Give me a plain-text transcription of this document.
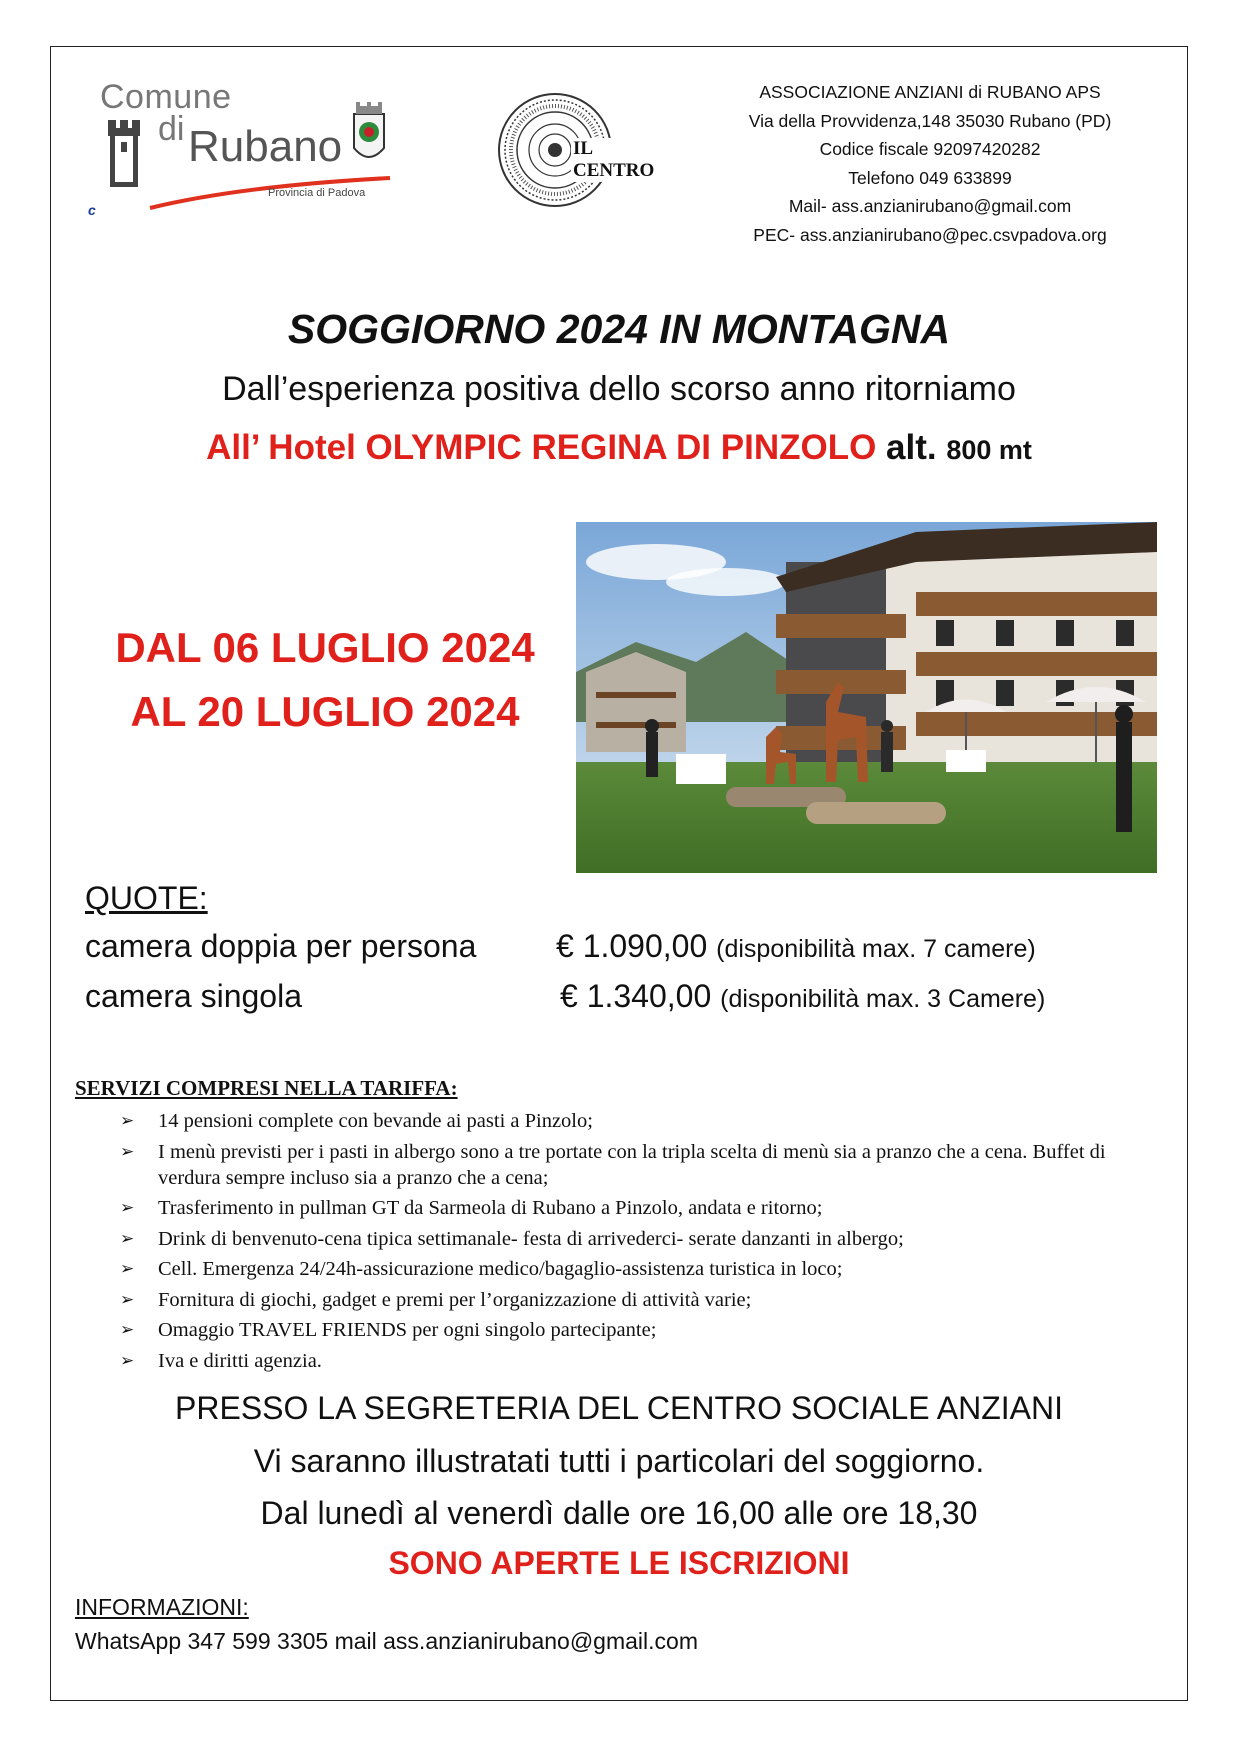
Comune
di Rubano
Provincia di Padova
c
IL CENTRO
ASSOCIAZIONE ANZIANI di RUBANO APS
Via della Provvidenza,148 35030 Rubano (PD)
Codice fiscale 92097420282
Telefono 049 633899
Mail- ass.anzianirubano@gmail.com
PEC- ass.anzianirubano@pec.csvpadova.org
SOGGIORNO 2024 IN MONTAGNA
Dall’esperienza positiva dello scorso anno ritorniamo
All’ Hotel OLYMPIC REGINA DI PINZOLO alt. 800 mt
DAL 06 LUGLIO 2024
AL 20 LUGLIO 2024
QUOTE:
camera doppia per persona € 1.090,00 (disponibilità max. 7 camere)
camera singola	€ 1.340,00 (disponibilità max. 3 Camere)
SERVIZI COMPRESI NELLA TARIFFA:
➢ 14 pensioni complete con bevande ai pasti a Pinzolo;
➢ I menù previsti per i pasti in albergo sono a tre portate con la tripla scelta di menù sia a pranzo che a cena. Buffet di verdura sempre incluso sia a pranzo che a cena;
➢ Trasferimento in pullman GT da Sarmeola di Rubano a Pinzolo, andata e ritorno;
➢ Drink di benvenuto-cena tipica settimanale- festa di arrivederci- serate danzanti in albergo;
➢ Cell. Emergenza 24/24h-assicurazione medico/bagaglio-assistenza turistica in loco;
➢ Fornitura di giochi, gadget e premi per l’organizzazione di attività varie;
➢ Omaggio TRAVEL FRIENDS per ogni singolo partecipante;
➢ Iva e diritti agenzia.
PRESSO LA SEGRETERIA DEL CENTRO SOCIALE ANZIANI
Vi saranno illustratati tutti i particolari del soggiorno.
Dal lunedì al venerdì dalle ore 16,00 alle ore 18,30
SONO APERTE LE ISCRIZIONI
INFORMAZIONI:
WhatsApp 347 599 3305 mail ass.anzianirubano@gmail.com
